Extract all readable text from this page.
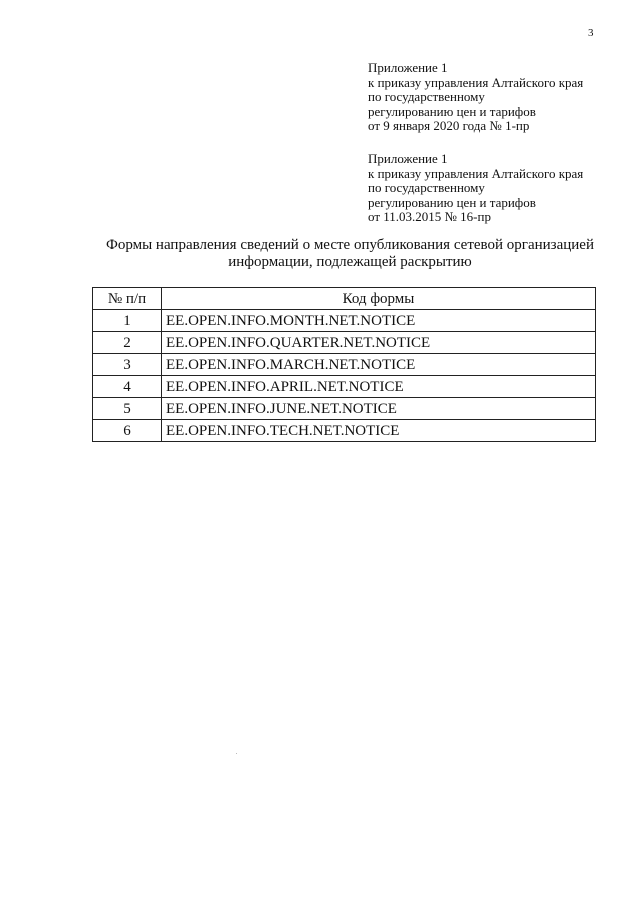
3
Приложение 1
к приказу управления Алтайского края
по государственному
регулированию цен и тарифов
от 9 января 2020 года № 1-пр
Приложение 1
к приказу управления Алтайского края
по государственному
регулированию цен и тарифов
от 11.03.2015 № 16-пр
Формы направления сведений о месте опубликования сетевой организацией
информации, подлежащей раскрытию
№ п/п	Код формы
1	EE.OPEN.INFO.MONTH.NET.NOTICE
2	EE.OPEN.INFO.QUARTER.NET.NOTICE
3	EE.OPEN.INFO.MARCH.NET.NOTICE
4	EE.OPEN.INFO.APRIL.NET.NOTICE
5	EE.OPEN.INFO.JUNE.NET.NOTICE
6	EE.OPEN.INFO.TECH.NET.NOTICE
